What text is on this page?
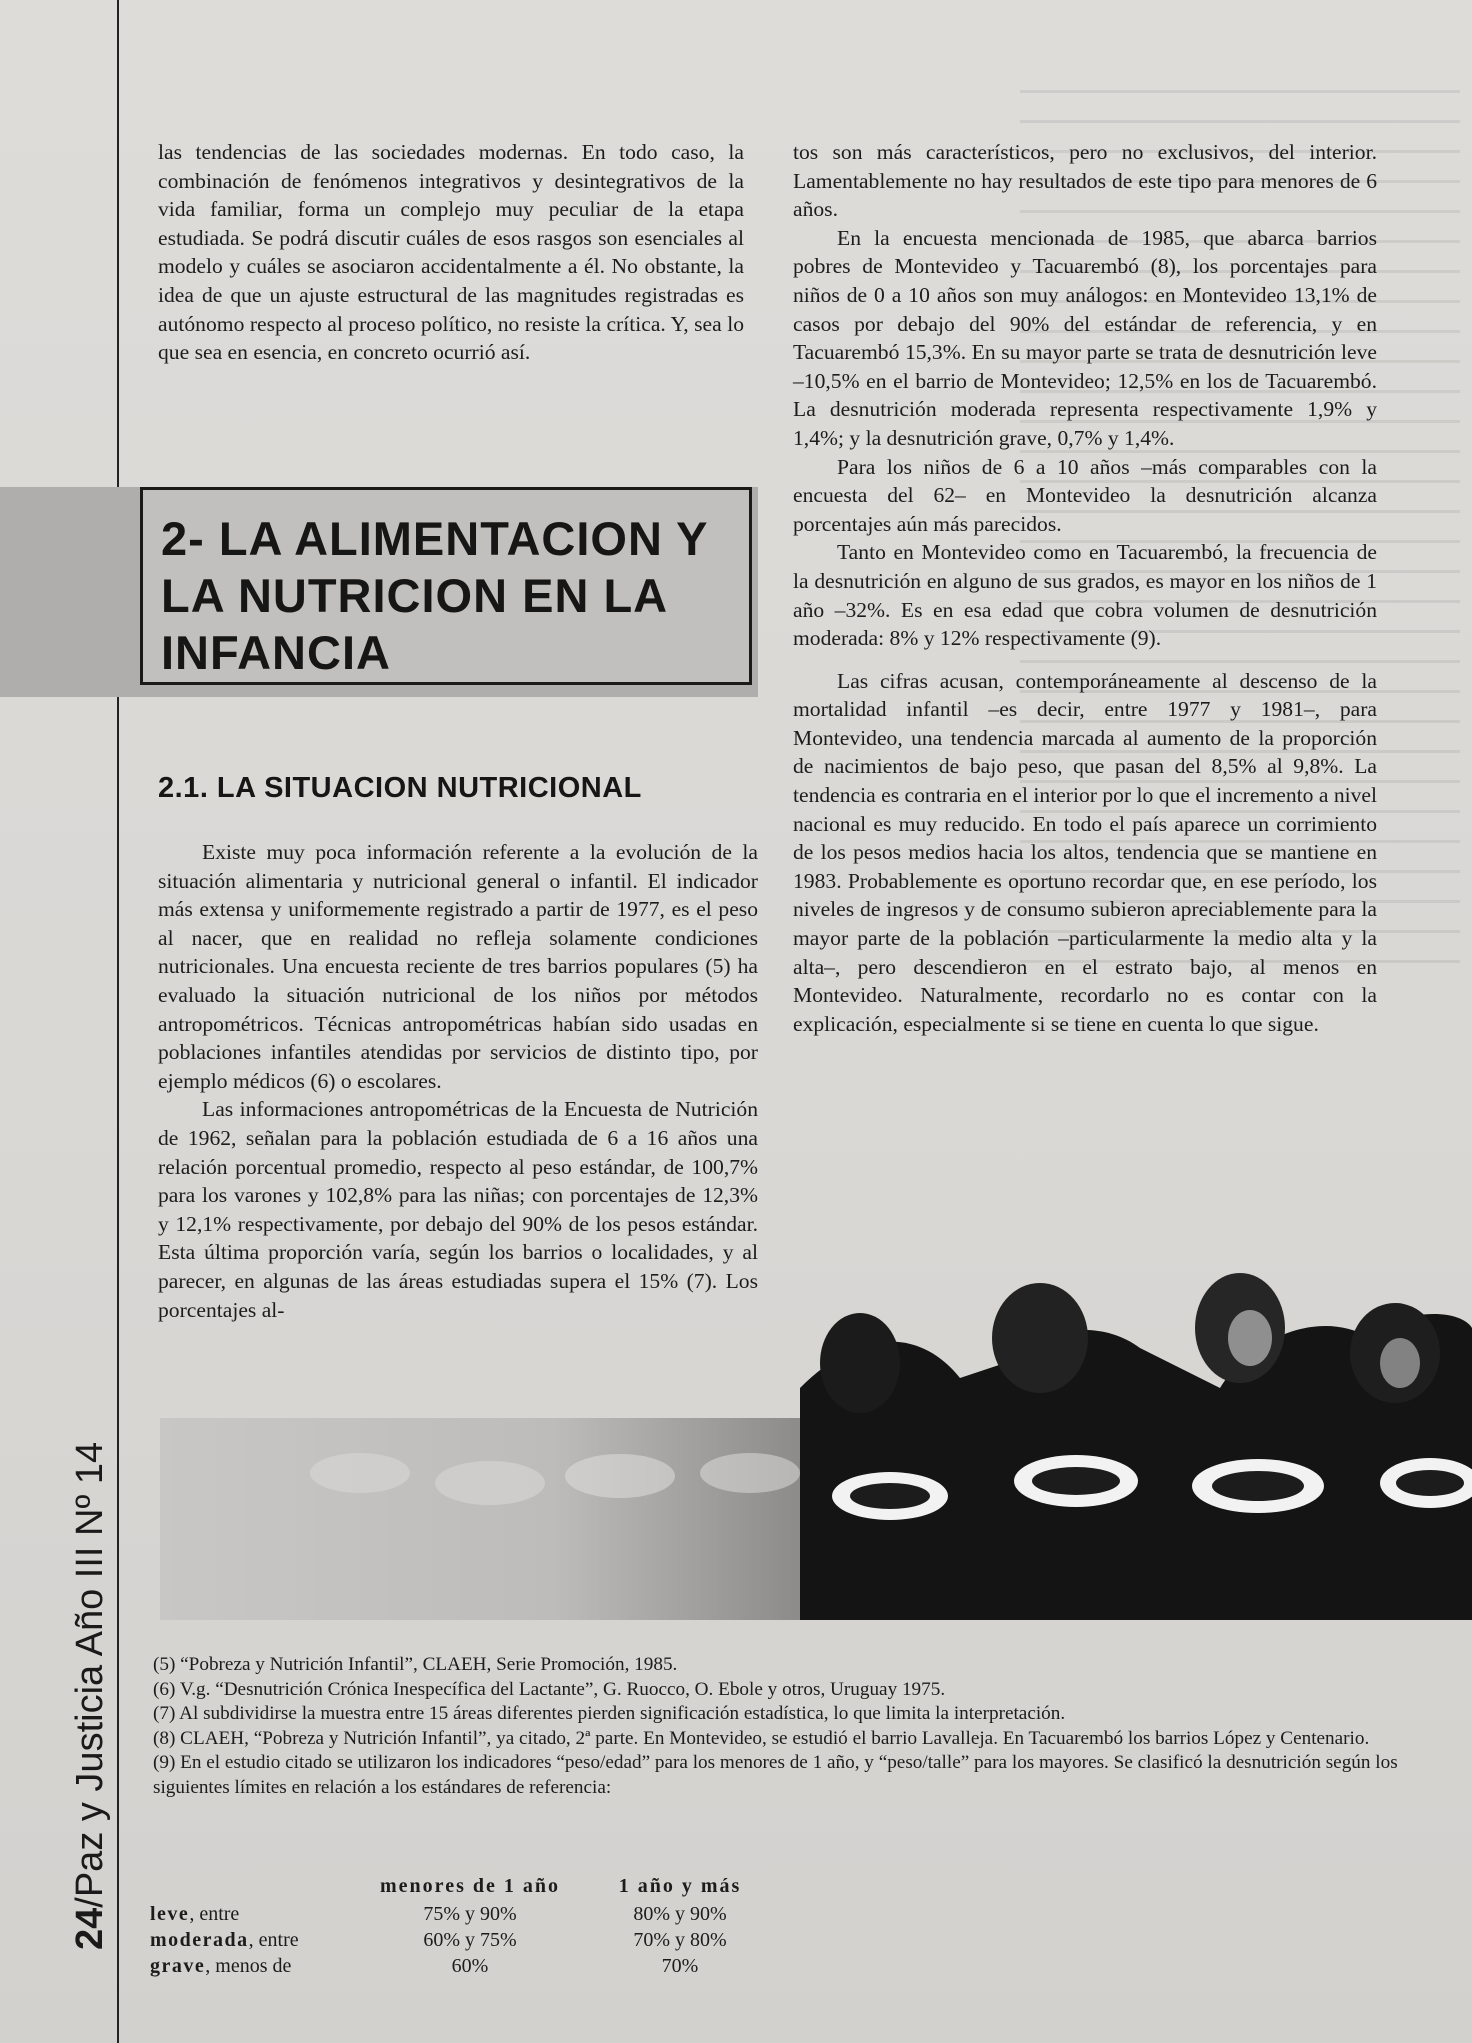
24/Paz y Justicia Año III Nº 14

las tendencias de las sociedades modernas. En todo caso, la combinación de fenómenos integrativos y desintegrativos de la vida familiar, forma un complejo muy peculiar de la etapa estudiada. Se podrá discutir cuáles de esos rasgos son esenciales al modelo y cuáles se asociaron accidentalmente a él. No obstante, la idea de que un ajuste estructural de las magnitudes registradas es autónomo respecto al proceso político, no resiste la crítica. Y, sea lo que sea en esencia, en concreto ocurrió así.

2- LA ALIMENTACION Y LA NUTRICION EN LA INFANCIA
2.1. LA SITUACION NUTRICIONAL

Existe muy poca información referente a la evolución de la situación alimentaria y nutricional general o infantil. El indicador más extensa y uniformemente registrado a partir de 1977, es el peso al nacer, que en realidad no refleja solamente condiciones nutricionales. Una encuesta reciente de tres barrios populares (5) ha evaluado la situación nutricional de los niños por métodos antropométricos. Técnicas antropométricas habían sido usadas en poblaciones infantiles atendidas por servicios de distinto tipo, por ejemplo médicos (6) o escolares.

Las informaciones antropométricas de la Encuesta de Nutrición de 1962, señalan para la población estudiada de 6 a 16 años una relación porcentual promedio, respecto al peso estándar, de 100,7% para los varones y 102,8% para las niñas; con porcentajes de 12,3% y 12,1% respectivamente, por debajo del 90% de los pesos estándar. Esta última proporción varía, según los barrios o localidades, y al parecer, en algunas de las áreas estudiadas supera el 15% (7). Los porcentajes al-

tos son más característicos, pero no exclusivos, del interior. Lamentablemente no hay resultados de este tipo para menores de 6 años.

En la encuesta mencionada de 1985, que abarca barrios pobres de Montevideo y Tacuarembó (8), los porcentajes para niños de 0 a 10 años son muy análogos: en Montevideo 13,1% de casos por debajo del 90% del estándar de referencia, y en Tacuarembó 15,3%. En su mayor parte se trata de desnutrición leve –10,5% en el barrio de Montevideo; 12,5% en los de Tacuarembó. La desnutrición moderada representa respectivamente 1,9% y 1,4%; y la desnutrición grave, 0,7% y 1,4%.

Para los niños de 6 a 10 años –más comparables con la encuesta del 62– en Montevideo la desnutrición alcanza porcentajes aún más parecidos.

Tanto en Montevideo como en Tacuarembó, la frecuencia de la desnutrición en alguno de sus grados, es mayor en los niños de 1 año –32%. Es en esa edad que cobra volumen de desnutrición moderada: 8% y 12% respectivamente (9).

Las cifras acusan, contemporáneamente al descenso de la mortalidad infantil –es decir, entre 1977 y 1981–, para Montevideo, una tendencia marcada al aumento de la proporción de nacimientos de bajo peso, que pasan del 8,5% al 9,8%. La tendencia es contraria en el interior por lo que el incremento a nivel nacional es muy reducido. En todo el país aparece un corrimiento de los pesos medios hacia los altos, tendencia que se mantiene en 1983. Probablemente es oportuno recordar que, en ese período, los niveles de ingresos y de consumo subieron apreciablemente para la mayor parte de la población –particularmente la medio alta y la alta–, pero descendieron en el estrato bajo, al menos en Montevideo. Naturalmente, recordarlo no es contar con la explicación, especialmente si se tiene en cuenta lo que sigue.

(5) “Pobreza y Nutrición Infantil”, CLAEH, Serie Promoción, 1985.

(6) V.g. “Desnutrición Crónica Inespecífica del Lactante”, G. Ruocco, O. Ebole y otros, Uruguay 1975.

(7) Al subdividirse la muestra entre 15 áreas diferentes pierden significación estadística, lo que limita la interpretación.

(8) CLAEH, “Pobreza y Nutrición Infantil”, ya citado, 2ª parte. En Montevideo, se estudió el barrio Lavalleja. En Tacuarembó los barrios López y Centenario.

(9) En el estudio citado se utilizaron los indicadores “peso/edad” para los menores de 1 año, y “peso/talle” para los mayores. Se clasificó la desnutrición según los siguientes límites en relación a los estándares de referencia:

	menores de 1 año	1 año y más
leve, entre	75% y 90%	80% y 90%
moderada, entre	60% y 75%	70% y 80%
grave, menos de	60%	70%
